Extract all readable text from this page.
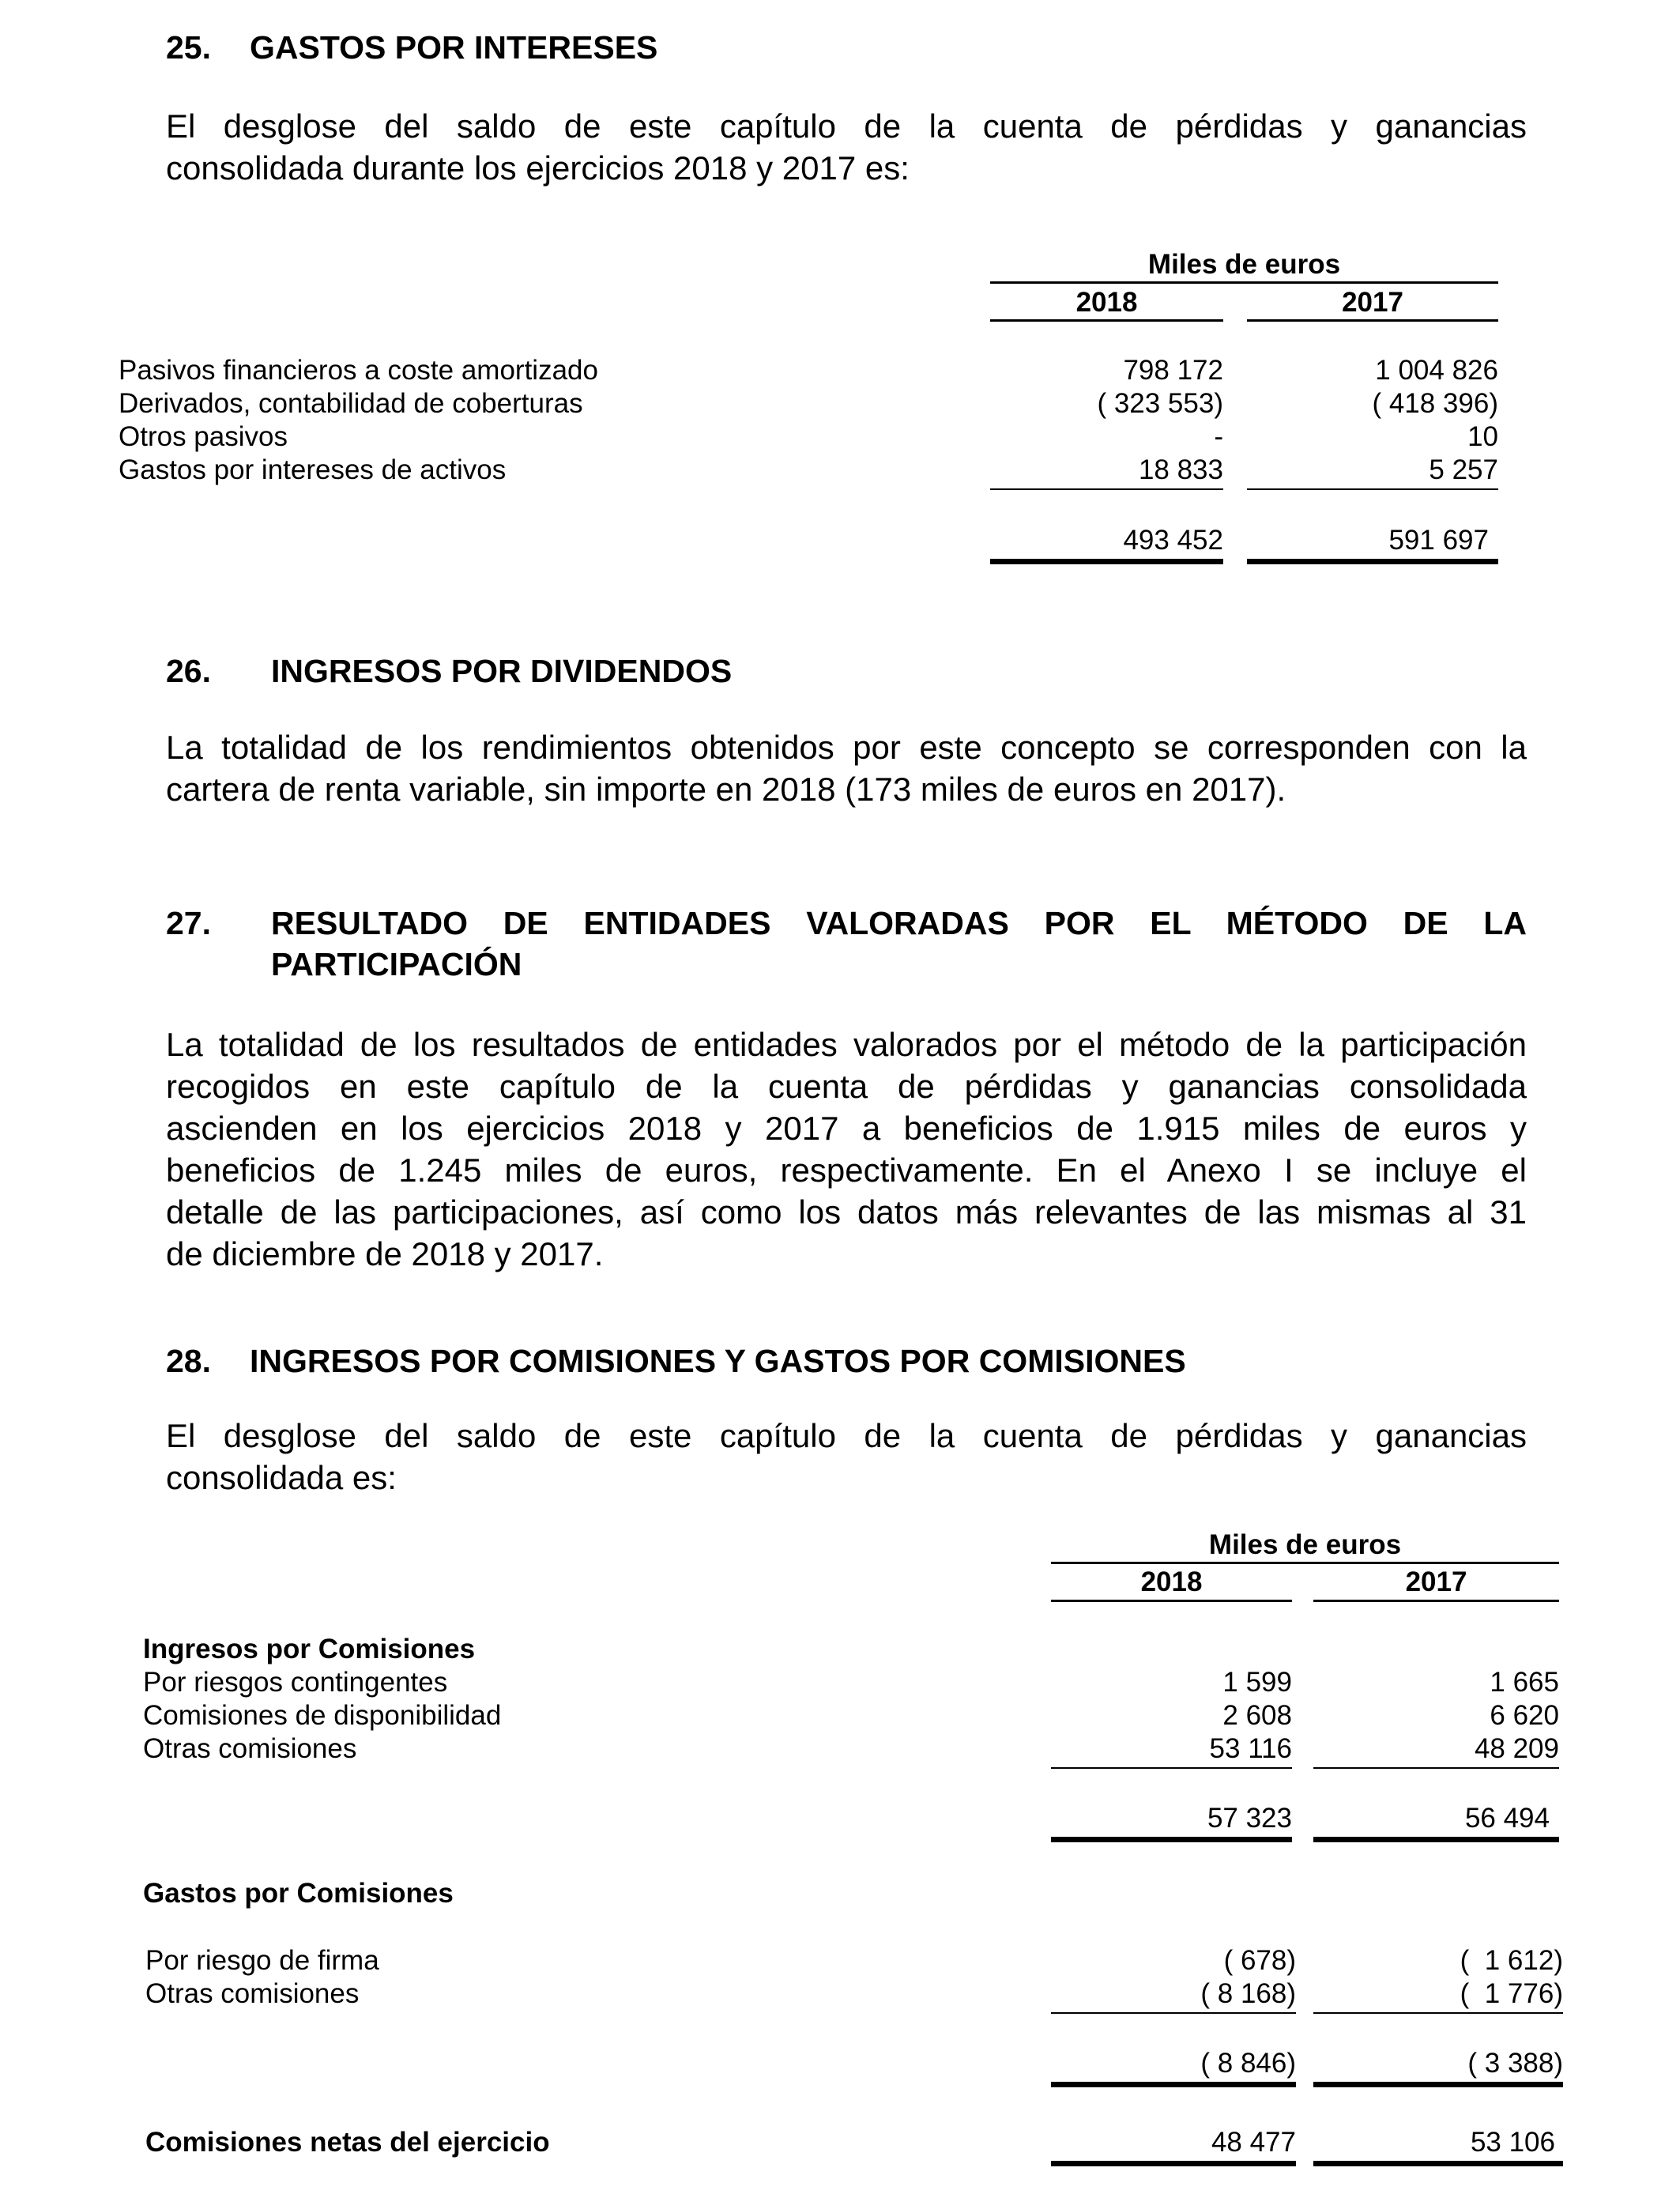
25. GASTOS POR INTERESES
El desglose del saldo de este capítulo de la cuenta de pérdidas y ganancias
consolidada durante los ejercicios 2018 y 2017 es:
Miles de euros
2018	2017
Pasivos financieros a coste amortizado	798 172	1 004 826
Derivados, contabilidad de coberturas	( 323 553)	( 418 396)
Otros pasivos	-	10
Gastos por intereses de activos	18 833	5 257
493 452	591 697
26. INGRESOS POR DIVIDENDOS
La totalidad de los rendimientos obtenidos por este concepto se corresponden con la
cartera de renta variable, sin importe en 2018 (173 miles de euros en 2017).
27. RESULTADO DE ENTIDADES VALORADAS POR EL MÉTODO DE LA
PARTICIPACIÓN
La totalidad de los resultados de entidades valorados por el método de la participación
recogidos en este capítulo de la cuenta de pérdidas y ganancias consolidada
ascienden en los ejercicios 2018 y 2017 a beneficios de 1.915 miles de euros y
beneficios de 1.245 miles de euros, respectivamente. En el Anexo I se incluye el
detalle de las participaciones, así como los datos más relevantes de las mismas al 31
de diciembre de 2018 y 2017.
28. INGRESOS POR COMISIONES Y GASTOS POR COMISIONES
El desglose del saldo de este capítulo de la cuenta de pérdidas y ganancias
consolidada es:
Miles de euros
2018	2017
Ingresos por Comisiones
Por riesgos contingentes	1 599	1 665
Comisiones de disponibilidad	2 608	6 620
Otras comisiones	53 116	48 209
57 323	56 494
Gastos por Comisiones
Por riesgo de firma	( 678)	(  1 612)
Otras comisiones	( 8 168)	(  1 776)
( 8 846)	( 3 388)
Comisiones netas del ejercicio	48 477	53 106
